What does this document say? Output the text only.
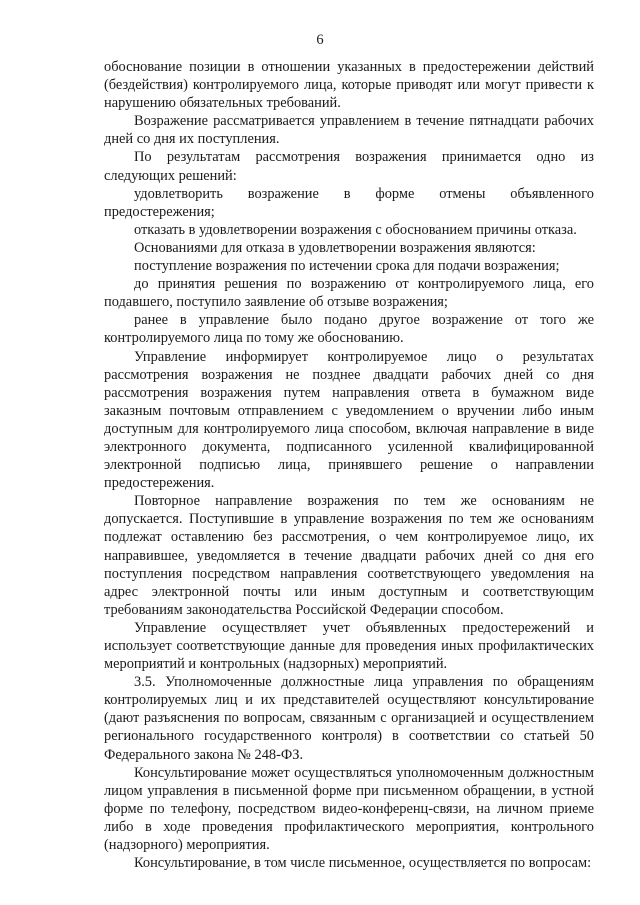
6

обоснование позиции в отношении указанных в предостережении действий (бездействия) контролируемого лица, которые приводят или могут привести к нарушению обязательных требований.

Возражение рассматривается управлением в течение пятнадцати рабочих дней со дня их поступления.

По результатам рассмотрения возражения принимается одно из следующих решений:

удовлетворить возражение в форме отмены объявленного предостережения;

отказать в удовлетворении возражения с обоснованием причины отказа.

Основаниями для отказа в удовлетворении возражения являются:

поступление возражения по истечении срока для подачи возражения;

до принятия решения по возражению от контролируемого лица, его подавшего, поступило заявление об отзыве возражения;

ранее в управление было подано другое возражение от того же контролируемого лица по тому же обоснованию.

Управление информирует контролируемое лицо о результатах рассмотрения возражения не позднее двадцати рабочих дней со дня рассмотрения возражения путем направления ответа в бумажном виде заказным почтовым отправлением с уведомлением о вручении либо иным доступным для контролируемого лица способом, включая направление в виде электронного документа, подписанного усиленной квалифицированной электронной подписью лица, принявшего решение о направлении предостережения.

Повторное направление возражения по тем же основаниям не допускается. Поступившие в управление возражения по тем же основаниям подлежат оставлению без рассмотрения, о чем контролируемое лицо, их направившее, уведомляется в течение двадцати рабочих дней со дня его поступления посредством направления соответствующего уведомления на адрес электронной почты или иным доступным и соответствующим требованиям законодательства Российской Федерации способом.

Управление осуществляет учет объявленных предостережений и использует соответствующие данные для проведения иных профилактических мероприятий и контрольных (надзорных) мероприятий.

3.5. Уполномоченные должностные лица управления по обращениям контролируемых лиц и их представителей осуществляют консультирование (дают разъяснения по вопросам, связанным с организацией и осуществлением регионального государственного контроля) в соответствии со статьей 50 Федерального закона № 248-ФЗ.

Консультирование может осуществляться уполномоченным должностным лицом управления в письменной форме при письменном обращении, в устной форме по телефону, посредством видео-конференц-связи, на личном приеме либо в ходе проведения профилактического мероприятия, контрольного (надзорного) мероприятия.

Консультирование, в том числе письменное, осуществляется по вопросам:
